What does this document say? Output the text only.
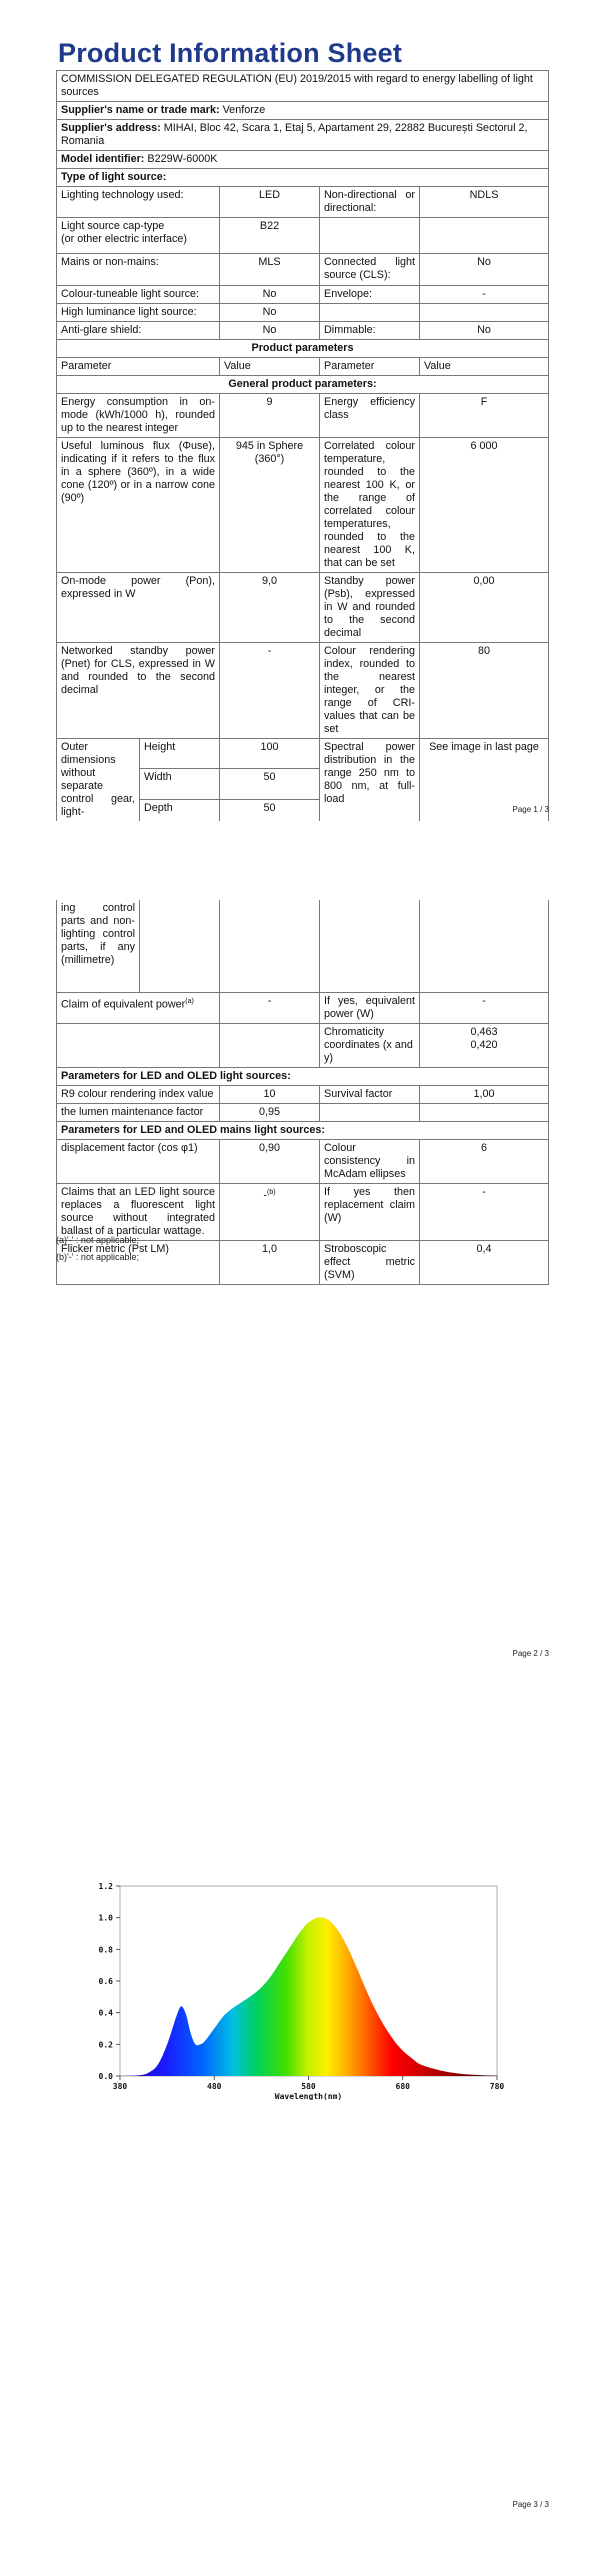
Product Information Sheet
COMMISSION DELEGATED REGULATION (EU) 2019/2015 with regard to energy labelling of light sources				
Supplier's name or trade mark: Venforze				
Supplier's address: MIHAI, Bloc 42, Scara 1, Etaj 5, Apartament 29, 22882 București Sectorul 2, Romania				
Model identifier: B229W-6000K				
Type of light source:				
Lighting technology used:		LED	Non-directional or directional:	NDLS
Light source cap-type
(or other electric interface)		B22		
Mains or non-mains:		MLS	Connected light source (CLS):	No
Colour-tuneable light source:		No	Envelope:	-
High luminance light source:		No		
Anti-glare shield:		No	Dimmable:	No
Product parameters				
Parameter		Value	Parameter	Value
General product parameters:				
Energy consumption in on-mode (kWh/1000 h), rounded up to the nearest integer		9	Energy efficiency class	F
Useful luminous flux (Φuse), indicating if it refers to the flux in a sphere (360º), in a wide cone (120º) or in a narrow cone (90º)		945 in Sphere (360°)	Correlated colour temperature, rounded to the nearest 100 K, or the range of correlated colour temperatures, rounded to the nearest 100 K, that can be set	6 000
On-mode power (Pon), expressed in W		9,0	Standby power (Psb), expressed in W and rounded to the second decimal	0,00
Networked standby power (Pnet) for CLS, expressed in W and rounded to the second decimal		-	Colour rendering index, rounded to the nearest integer, or the range of CRI-values that can be set	80
Outer dimensions without separate control gear, light-	Height	100	Spectral power distribution in the range 250 nm to 800 nm, at full-load	See image in last page
	Width	50		
	Depth	50			Page 1 / 3
ing control parts and non-lighting control parts, if any (millimetre)				
Claim of equivalent power$^{(a)}$		-	If yes, equivalent power (W)	-
			Chromaticity coordinates (x and y)	0,463
0,420

Parameters for LED and OLED light sources:				
R9 colour rendering index value		10	Survival factor	1,00
the lumen maintenance factor		0,95		
Parameters for LED and OLED mains light sources:				
displacement factor (cos φ1)		0,90	Colour consistency in McAdam ellipses	6
Claims that an LED light source replaces a fluorescent light source without integrated ballast of a particular wattage.		-$^{(b)}$	If yes then replacement claim (W)	-
Flicker metric (Pst LM)		1,0	Stroboscopic effect metric (SVM)	0,4
(a)'-' : not applicable;
(b)'-' : not applicable;
Page 2 / 3
0.0
0.2
0.4
0.6
0.8
1.0
1.2
380	480	580	680	780
Wavelength(nm)
Page 3 / 3
